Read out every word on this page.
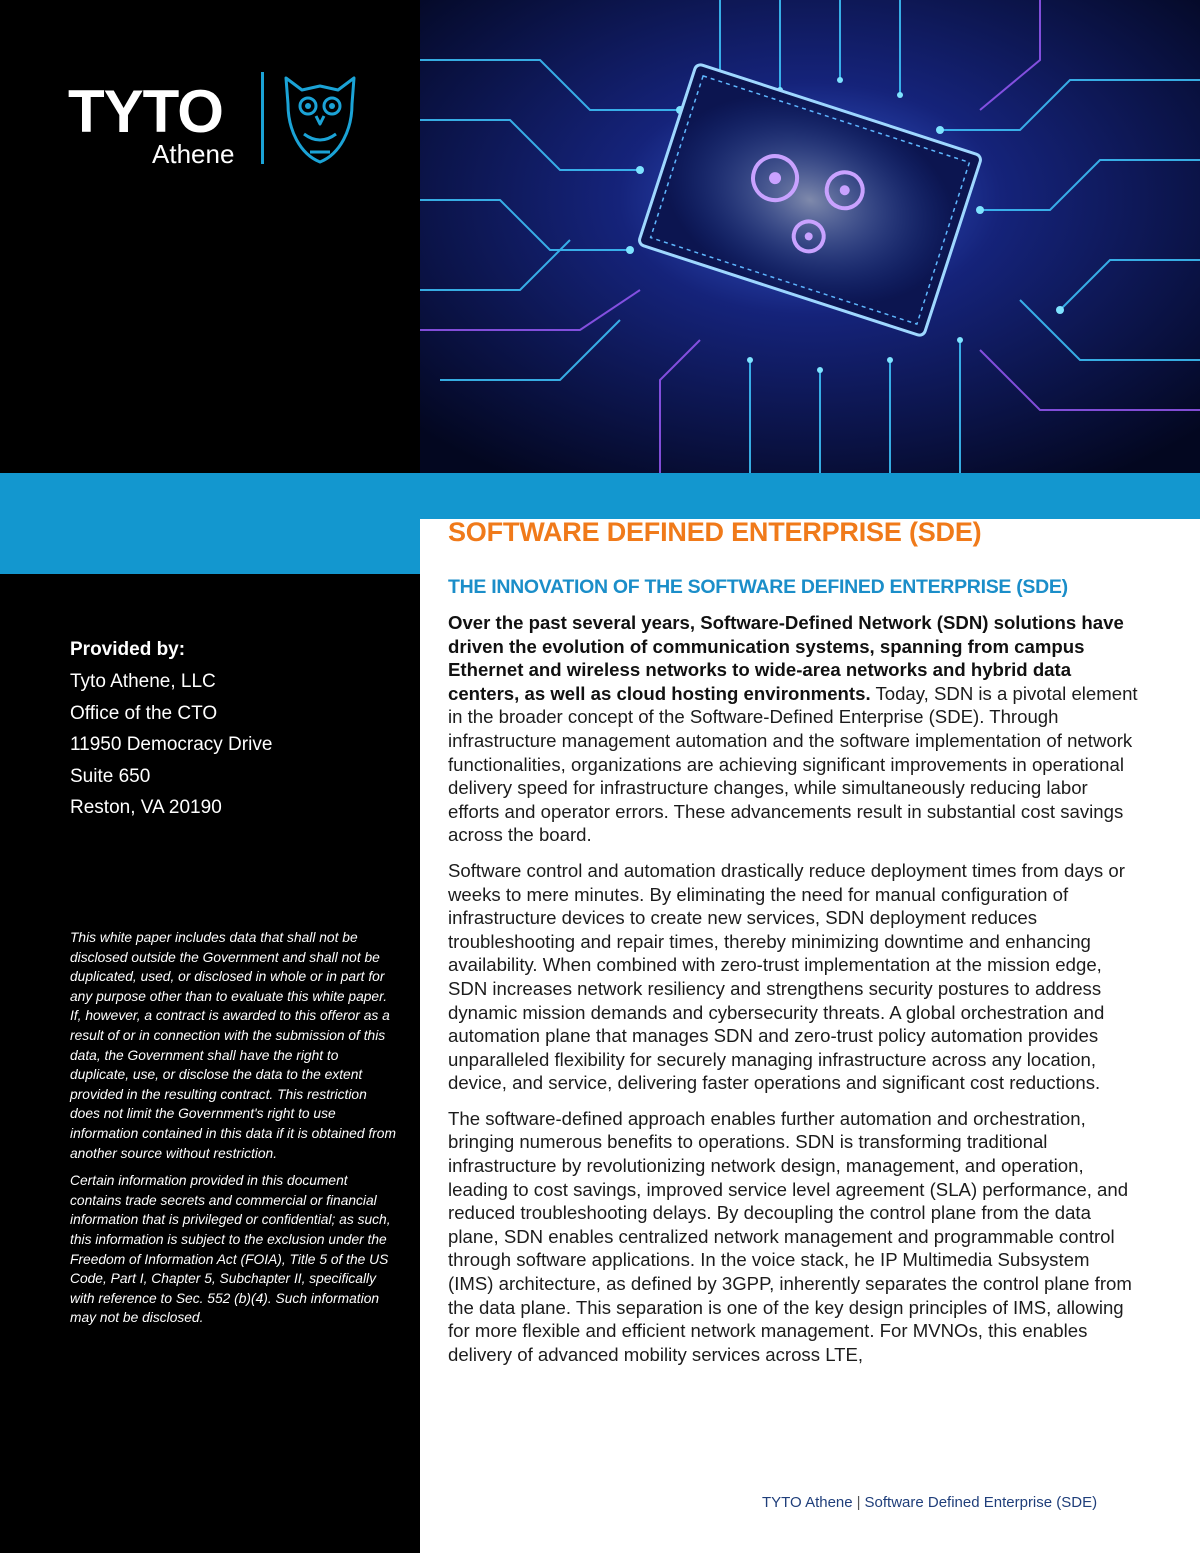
TYTO
Athene
Provided by:
Tyto Athene, LLC
Office of the CTO
11950 Democracy Drive
Suite 650
Reston, VA 20190

This white paper includes data that shall not be disclosed outside the Government and shall not be duplicated, used, or disclosed in whole or in part for any purpose other than to evaluate this white paper. If, however, a contract is awarded to this offeror as a result of or in connection with the submission of this data, the Government shall have the right to duplicate, use, or disclose the data to the extent provided in the resulting contract. This restriction does not limit the Government's right to use information contained in this data if it is obtained from another source without restriction.

Certain information provided in this document contains trade secrets and commercial or financial information that is privileged or confidential; as such, this information is subject to the exclusion under the Freedom of Information Act (FOIA), Title 5 of the US Code, Part I, Chapter 5, Subchapter II, specifically with reference to Sec. 552 (b)(4). Such information may not be disclosed.

SOFTWARE DEFINED ENTERPRISE (SDE)
THE INNOVATION OF THE SOFTWARE DEFINED ENTERPRISE (SDE)

Over the past several years, Software-Defined Network (SDN) solutions have driven the evolution of communication systems, spanning from campus Ethernet and wireless networks to wide-area networks and hybrid data centers, as well as cloud hosting environments. Today, SDN is a pivotal element in the broader concept of the Software-Defined Enterprise (SDE). Through infrastructure management automation and the software implementation of network functionalities, organizations are achieving significant improvements in operational delivery speed for infrastructure changes, while simultaneously reducing labor efforts and operator errors. These advancements result in substantial cost savings across the board.

Software control and automation drastically reduce deployment times from days or weeks to mere minutes. By eliminating the need for manual configuration of infrastructure devices to create new services, SDN deployment reduces troubleshooting and repair times, thereby minimizing downtime and enhancing availability. When combined with zero-trust implementation at the mission edge, SDN increases network resiliency and strengthens security postures to address dynamic mission demands and cybersecurity threats. A global orchestration and automation plane that manages SDN and zero-trust policy automation provides unparalleled flexibility for securely managing infrastructure across any location, device, and service, delivering faster operations and significant cost reductions.

The software-defined approach enables further automation and orchestration, bringing numerous benefits to operations. SDN is transforming traditional infrastructure by revolutionizing network design, management, and operation, leading to cost savings, improved service level agreement (SLA) performance, and reduced troubleshooting delays. By decoupling the control plane from the data plane, SDN enables centralized network management and programmable control through software applications. In the voice stack, he IP Multimedia Subsystem (IMS) architecture, as defined by 3GPP, inherently separates the control plane from the data plane. This separation is one of the key design principles of IMS, allowing for more flexible and efficient network management. For MVNOs, this enables delivery of advanced mobility services across LTE,

TYTO Athene | Software Defined Enterprise (SDE)
